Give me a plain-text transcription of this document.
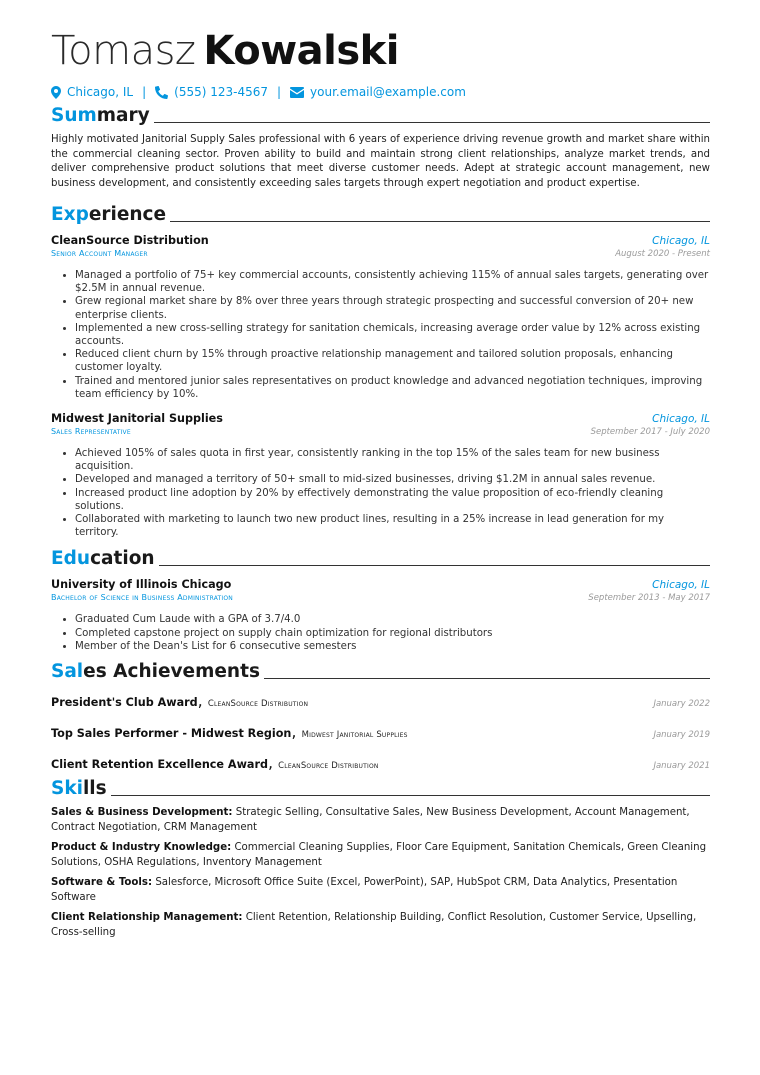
Tomasz Kowalski
Chicago, IL | (555) 123-4567 | your.email@example.com
Summary

Highly motivated Janitorial Supply Sales professional with 6 years of experience driving revenue growth and market share within the commercial cleaning sector. Proven ability to build and maintain strong client relationships, analyze market trends, and deliver comprehensive product solutions that meet diverse customer needs. Adept at strategic account management, new business development, and consistently exceeding sales targets through expert negotiation and product expertise.

Experience
CleanSource Distribution	Chicago, IL
Senior Account Manager	August 2020 - Present
• Managed a portfolio of 75+ key commercial accounts, consistently achieving 115% of annual sales targets, generating over $2.5M in annual revenue.
• Grew regional market share by 8% over three years through strategic prospecting and successful conversion of 20+ new enterprise clients.
• Implemented a new cross-selling strategy for sanitation chemicals, increasing average order value by 12% across existing accounts.
• Reduced client churn by 15% through proactive relationship management and tailored solution proposals, enhancing customer loyalty.
• Trained and mentored junior sales representatives on product knowledge and advanced negotiation techniques, improving team efficiency by 10%.
Midwest Janitorial Supplies	Chicago, IL
Sales Representative	September 2017 - July 2020
• Achieved 105% of sales quota in first year, consistently ranking in the top 15% of the sales team for new business acquisition.
• Developed and managed a territory of 50+ small to mid-sized businesses, driving $1.2M in annual sales revenue.
• Increased product line adoption by 20% by effectively demonstrating the value proposition of eco-friendly cleaning solutions.
• Collaborated with marketing to launch two new product lines, resulting in a 25% increase in lead generation for my territory.
Education
University of Illinois Chicago	Chicago, IL
Bachelor of Science in Business Administration	September 2013 - May 2017
• Graduated Cum Laude with a GPA of 3.7/4.0
• Completed capstone project on supply chain optimization for regional distributors
• Member of the Dean's List for 6 consecutive semesters
Sales Achievements
President's Club Award, CleanSource Distribution	January 2022
Top Sales Performer - Midwest Region, Midwest Janitorial Supplies	January 2019
Client Retention Excellence Award, CleanSource Distribution	January 2021
Skills
Sales & Business Development: Strategic Selling, Consultative Sales, New Business Development, Account Management, Contract Negotiation, CRM Management
Product & Industry Knowledge: Commercial Cleaning Supplies, Floor Care Equipment, Sanitation Chemicals, Green Cleaning Solutions, OSHA Regulations, Inventory Management
Software & Tools: Salesforce, Microsoft Office Suite (Excel, PowerPoint), SAP, HubSpot CRM, Data Analytics, Presentation Software
Client Relationship Management: Client Retention, Relationship Building, Conflict Resolution, Customer Service, Upselling, Cross-selling
